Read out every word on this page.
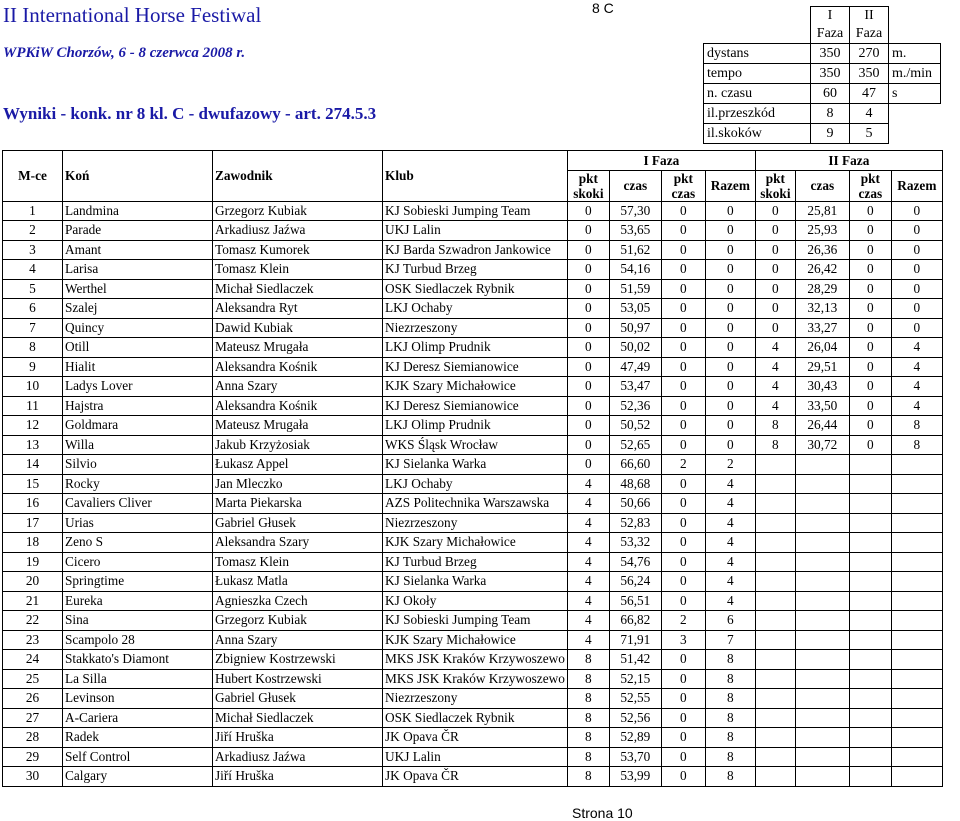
II International Horse Festiwal
WPKiW Chorzów, 6 - 8 czerwca 2008 r.
Wyniki - konk. nr 8 kl. C - dwufazowy - art. 274.5.3
8 C
		I Faza	II Faza	
dystans	350	270	m.
tempo	350	350	m./min
n. czasu	60	47	s
il.przeszkód	8	4	
il.skoków	9	5	
M-ce	Koń	Zawodnik	Klub	I Faza				II Faza			
				pkt skoki	czas	pkt czas	Razem	pkt skoki	czas	pkt czas	Razem
1	Landmina	Grzegorz Kubiak	KJ Sobieski Jumping Team	0	57,30	0	0	0	25,81	0	0
2	Parade	Arkadiusz Jaźwa	UKJ Lalin	0	53,65	0	0	0	25,93	0	0
3	Amant	Tomasz Kumorek	KJ Barda Szwadron Jankowice	0	51,62	0	0	0	26,36	0	0
4	Larisa	Tomasz Klein	KJ Turbud Brzeg	0	54,16	0	0	0	26,42	0	0
5	Werthel	Michał Siedlaczek	OSK Siedlaczek Rybnik	0	51,59	0	0	0	28,29	0	0
6	Szalej	Aleksandra Ryt	LKJ Ochaby	0	53,05	0	0	0	32,13	0	0
7	Quincy	Dawid Kubiak	Niezrzeszony	0	50,97	0	0	0	33,27	0	0
8	Otill	Mateusz Mrugała	LKJ Olimp Prudnik	0	50,02	0	0	4	26,04	0	4
9	Hialit	Aleksandra Kośnik	KJ Deresz Siemianowice	0	47,49	0	0	4	29,51	0	4
10	Ladys Lover	Anna Szary	KJK Szary Michałowice	0	53,47	0	0	4	30,43	0	4
11	Hajstra	Aleksandra Kośnik	KJ Deresz Siemianowice	0	52,36	0	0	4	33,50	0	4
12	Goldmara	Mateusz Mrugała	LKJ Olimp Prudnik	0	50,52	0	0	8	26,44	0	8
13	Willa	Jakub Krzyżosiak	WKS Śląsk Wrocław	0	52,65	0	0	8	30,72	0	8
14	Silvio	Łukasz Appel	KJ Sielanka Warka	0	66,60	2	2				
15	Rocky	Jan Mleczko	LKJ Ochaby	4	48,68	0	4				
16	Cavaliers Cliver	Marta Piekarska	AZS Politechnika Warszawska	4	50,66	0	4				
17	Urias	Gabriel Głusek	Niezrzeszony	4	52,83	0	4				
18	Zeno S	Aleksandra Szary	KJK Szary Michałowice	4	53,32	0	4				
19	Cicero	Tomasz Klein	KJ Turbud Brzeg	4	54,76	0	4				
20	Springtime	Łukasz Matla	KJ Sielanka Warka	4	56,24	0	4				
21	Eureka	Agnieszka Czech	KJ Okoły	4	56,51	0	4				
22	Sina	Grzegorz Kubiak	KJ Sobieski Jumping Team	4	66,82	2	6				
23	Scampolo 28	Anna Szary	KJK Szary Michałowice	4	71,91	3	7				
24	Stakkato's Diamont	Zbigniew Kostrzewski	MKS JSK Kraków Krzywoszewo	8	51,42	0	8				
25	La Silla	Hubert Kostrzewski	MKS JSK Kraków Krzywoszewo	8	52,15	0	8				
26	Levinson	Gabriel Głusek	Niezrzeszony	8	52,55	0	8				
27	A-Cariera	Michał Siedlaczek	OSK Siedlaczek Rybnik	8	52,56	0	8				
28	Radek	Jiří Hruška	JK Opava ČR	8	52,89	0	8				
29	Self Control	Arkadiusz Jaźwa	UKJ Lalin	8	53,70	0	8				
30	Calgary	Jiří Hruška	JK Opava ČR	8	53,99	0	8				
Strona 10
